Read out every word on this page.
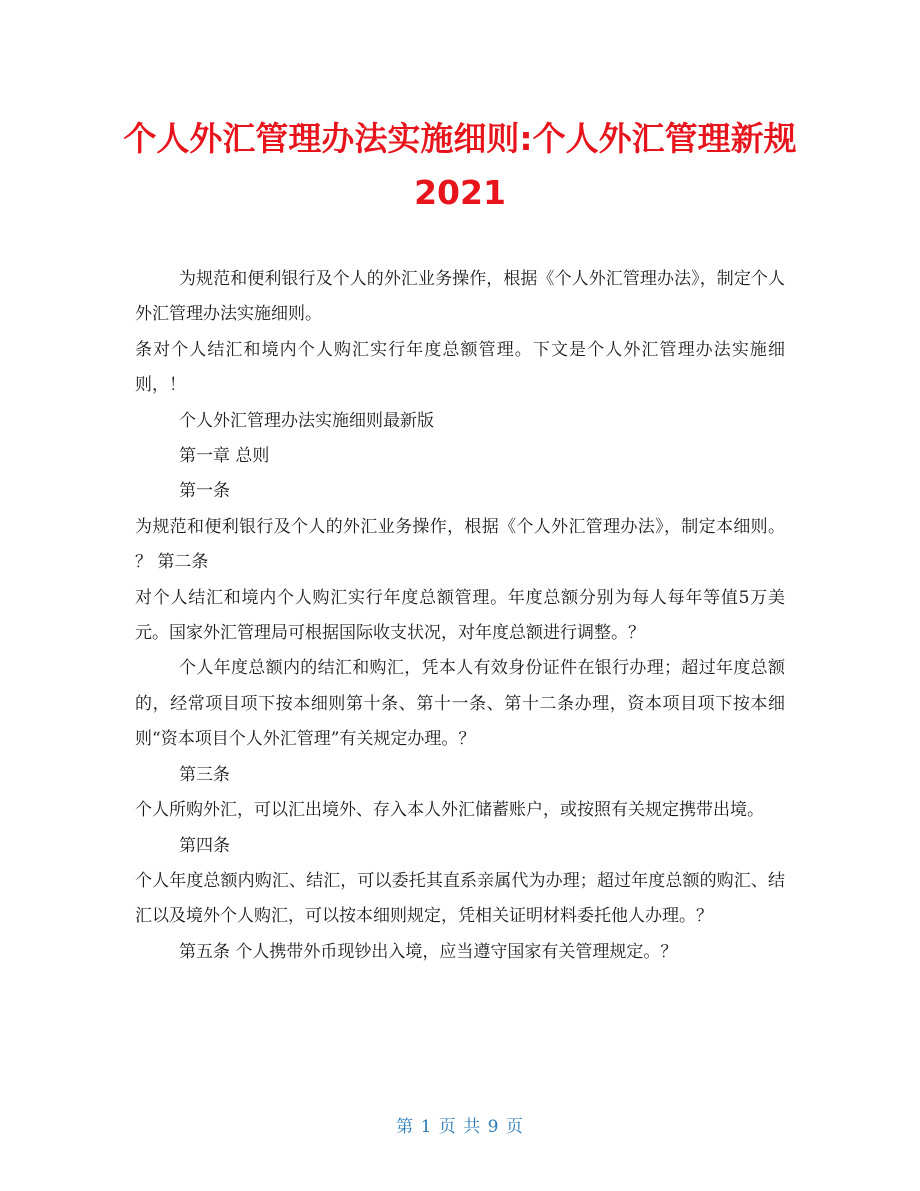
个人外汇管理办法实施细则:个人外汇管理新规
2021

为规范和便利银行及个人的外汇业务操作，根据《个人外汇管理办法》，制定个人外汇管理办法实施细则。

条对个人结汇和境内个人购汇实行年度总额管理。下文是个人外汇管理办法实施细则，！

个人外汇管理办法实施细则最新版

第一章 总则

第一条

为规范和便利银行及个人的外汇业务操作，根据《个人外汇管理办法》，制定本细则。 ？ 第二条

对个人结汇和境内个人购汇实行年度总额管理。年度总额分别为每人每年等值5万美元。国家外汇管理局可根据国际收支状况，对年度总额进行调整。？

个人年度总额内的结汇和购汇，凭本人有效身份证件在银行办理；超过年度总额的，经常项目项下按本细则第十条、第十一条、第十二条办理，资本项目项下按本细则“资本项目个人外汇管理”有关规定办理。？

第三条

个人所购外汇，可以汇出境外、存入本人外汇储蓄账户，或按照有关规定携带出境。

第四条

个人年度总额内购汇、结汇，可以委托其直系亲属代为办理；超过年度总额的购汇、结汇以及境外个人购汇，可以按本细则规定，凭相关证明材料委托他人办理。？

第五条 个人携带外币现钞出入境，应当遵守国家有关管理规定。？

第 1 页 共 9 页
